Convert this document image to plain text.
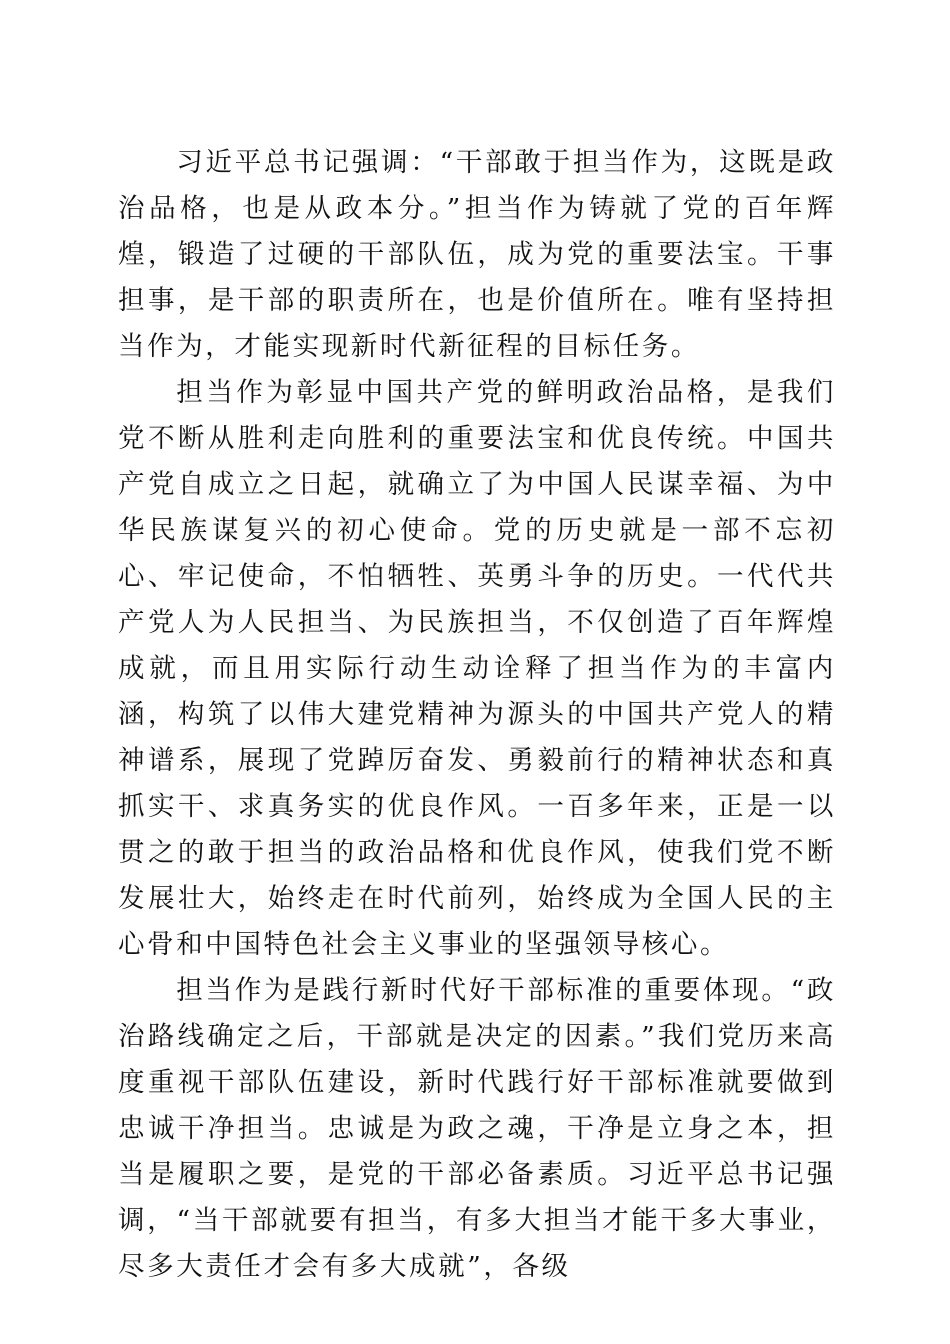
习近平总书记强调：“干部敢于担当作为，这既是政治品格，也是从政本分。”担当作为铸就了党的百年辉煌，锻造了过硬的干部队伍，成为党的重要法宝。干事担事，是干部的职责所在，也是价值所在。唯有坚持担当作为，才能实现新时代新征程的目标任务。

担当作为彰显中国共产党的鲜明政治品格，是我们党不断从胜利走向胜利的重要法宝和优良传统。中国共产党自成立之日起，就确立了为中国人民谋幸福、为中华民族谋复兴的初心使命。党的历史就是一部不忘初心、牢记使命，不怕牺牲、英勇斗争的历史。一代代共产党人为人民担当、为民族担当，不仅创造了百年辉煌成就，而且用实际行动生动诠释了担当作为的丰富内涵，构筑了以伟大建党精神为源头的中国共产党人的精神谱系，展现了党踔厉奋发、勇毅前行的精神状态和真抓实干、求真务实的优良作风。一百多年来，正是一以贯之的敢于担当的政治品格和优良作风，使我们党不断发展壮大，始终走在时代前列，始终成为全国人民的主心骨和中国特色社会主义事业的坚强领导核心。

担当作为是践行新时代好干部标准的重要体现。“政治路线确定之后，干部就是决定的因素。”我们党历来高度重视干部队伍建设，新时代践行好干部标准就要做到忠诚干净担当。忠诚是为政之魂，干净是立身之本，担当是履职之要，是党的干部必备素质。习近平总书记强调，“当干部就要有担当，有多大担当才能干多大事业，尽多大责任才会有多大成就”，各级
